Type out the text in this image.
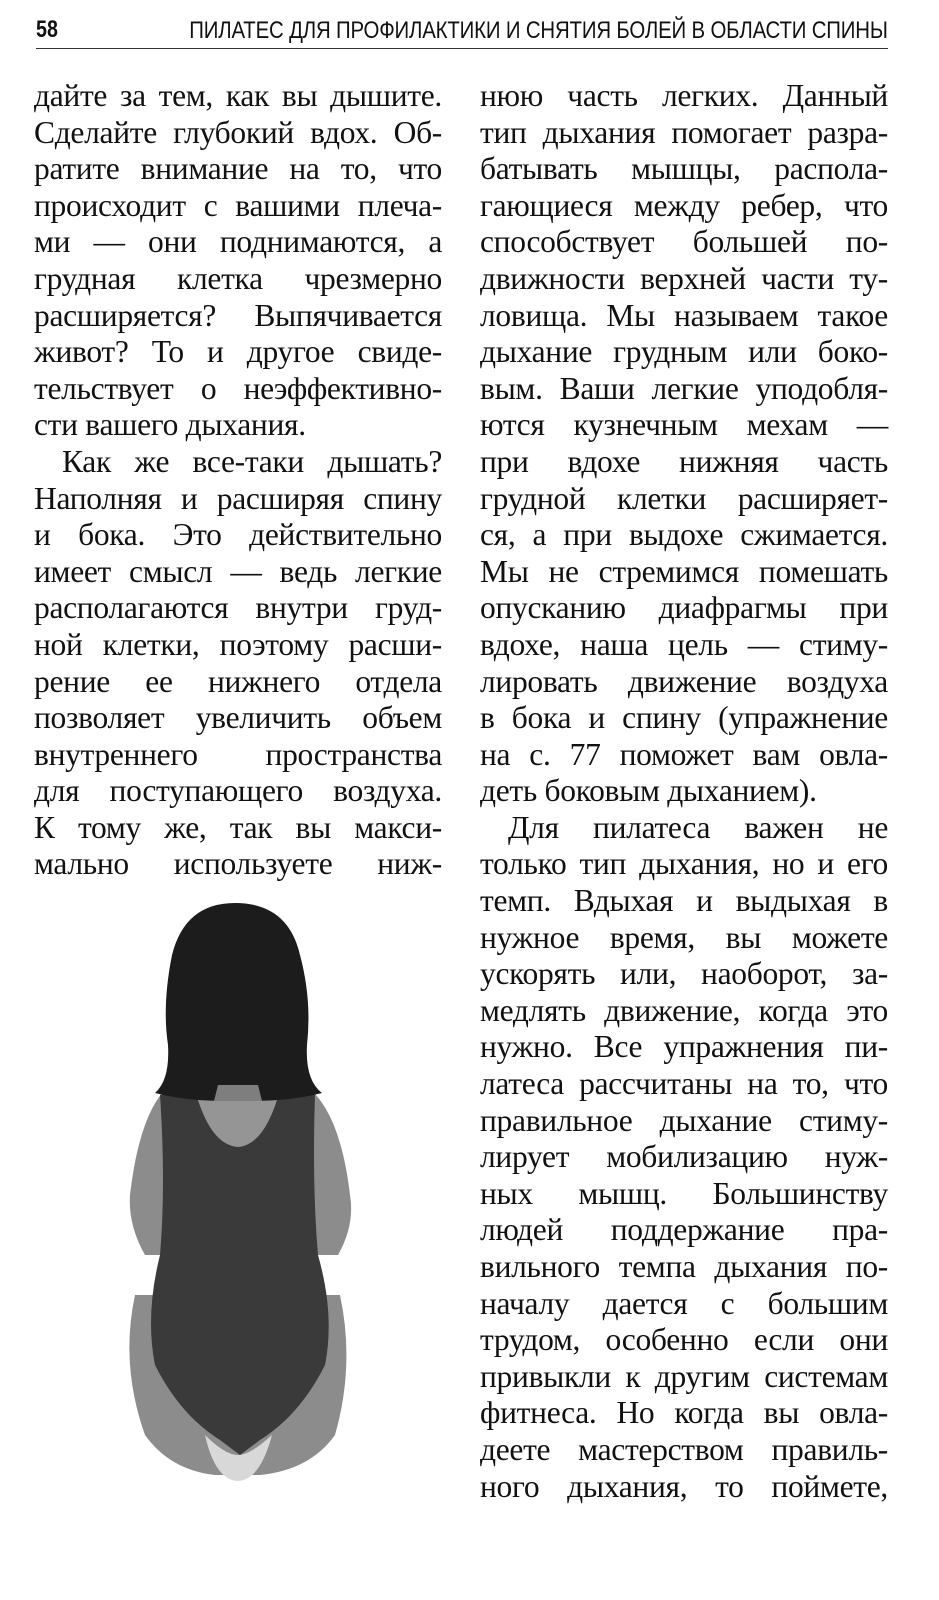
58	ПИЛАТЕС ДЛЯ ПРОФИЛАКТИКИ И СНЯТИЯ БОЛЕЙ В ОБЛАСТИ СПИНЫ
дайте за тем, как вы дышите.
Сделайте глубокий вдох. Об-
ратите внимание на то, что
происходит с вашими плеча-
ми — они поднимаются, а
грудная клетка чрезмерно
расширяется? Выпячивается
живот? То и другое свиде-
тельствует о неэффективно-
сти вашего дыхания.
Как же все-таки дышать?
Наполняя и расширяя спину
и бока. Это действительно
имеет смысл — ведь легкие
располагаются внутри груд-
ной клетки, поэтому расши-
рение ее нижнего отдела
позволяет увеличить объем
внутреннего пространства
для поступающего воздуха.
К тому же, так вы макси-
мально используете ниж-
нюю часть легких. Данный
тип дыхания помогает разра-
батывать мышцы, распола-
гающиеся между ребер, что
способствует большей по-
движности верхней части ту-
ловища. Мы называем такое
дыхание грудным или боко-
вым. Ваши легкие уподобля-
ются кузнечным мехам —
при вдохе нижняя часть
грудной клетки расширяет-
ся, а при выдохе сжимается.
Мы не стремимся помешать
опусканию диафрагмы при
вдохе, наша цель — стиму-
лировать движение воздуха
в бока и спину (упражнение
на с. 77 поможет вам овла-
деть боковым дыханием).
Для пилатеса важен не
только тип дыхания, но и его
темп. Вдыхая и выдыхая в
нужное время, вы можете
ускорять или, наоборот, за-
медлять движение, когда это
нужно. Все упражнения пи-
латеса рассчитаны на то, что
правильное дыхание стиму-
лирует мобилизацию нуж-
ных мышц. Большинству
людей поддержание пра-
вильного темпа дыхания по-
началу дается с большим
трудом, особенно если они
привыкли к другим системам
фитнеса. Но когда вы овла-
деете мастерством правиль-
ного дыхания, то поймете,
